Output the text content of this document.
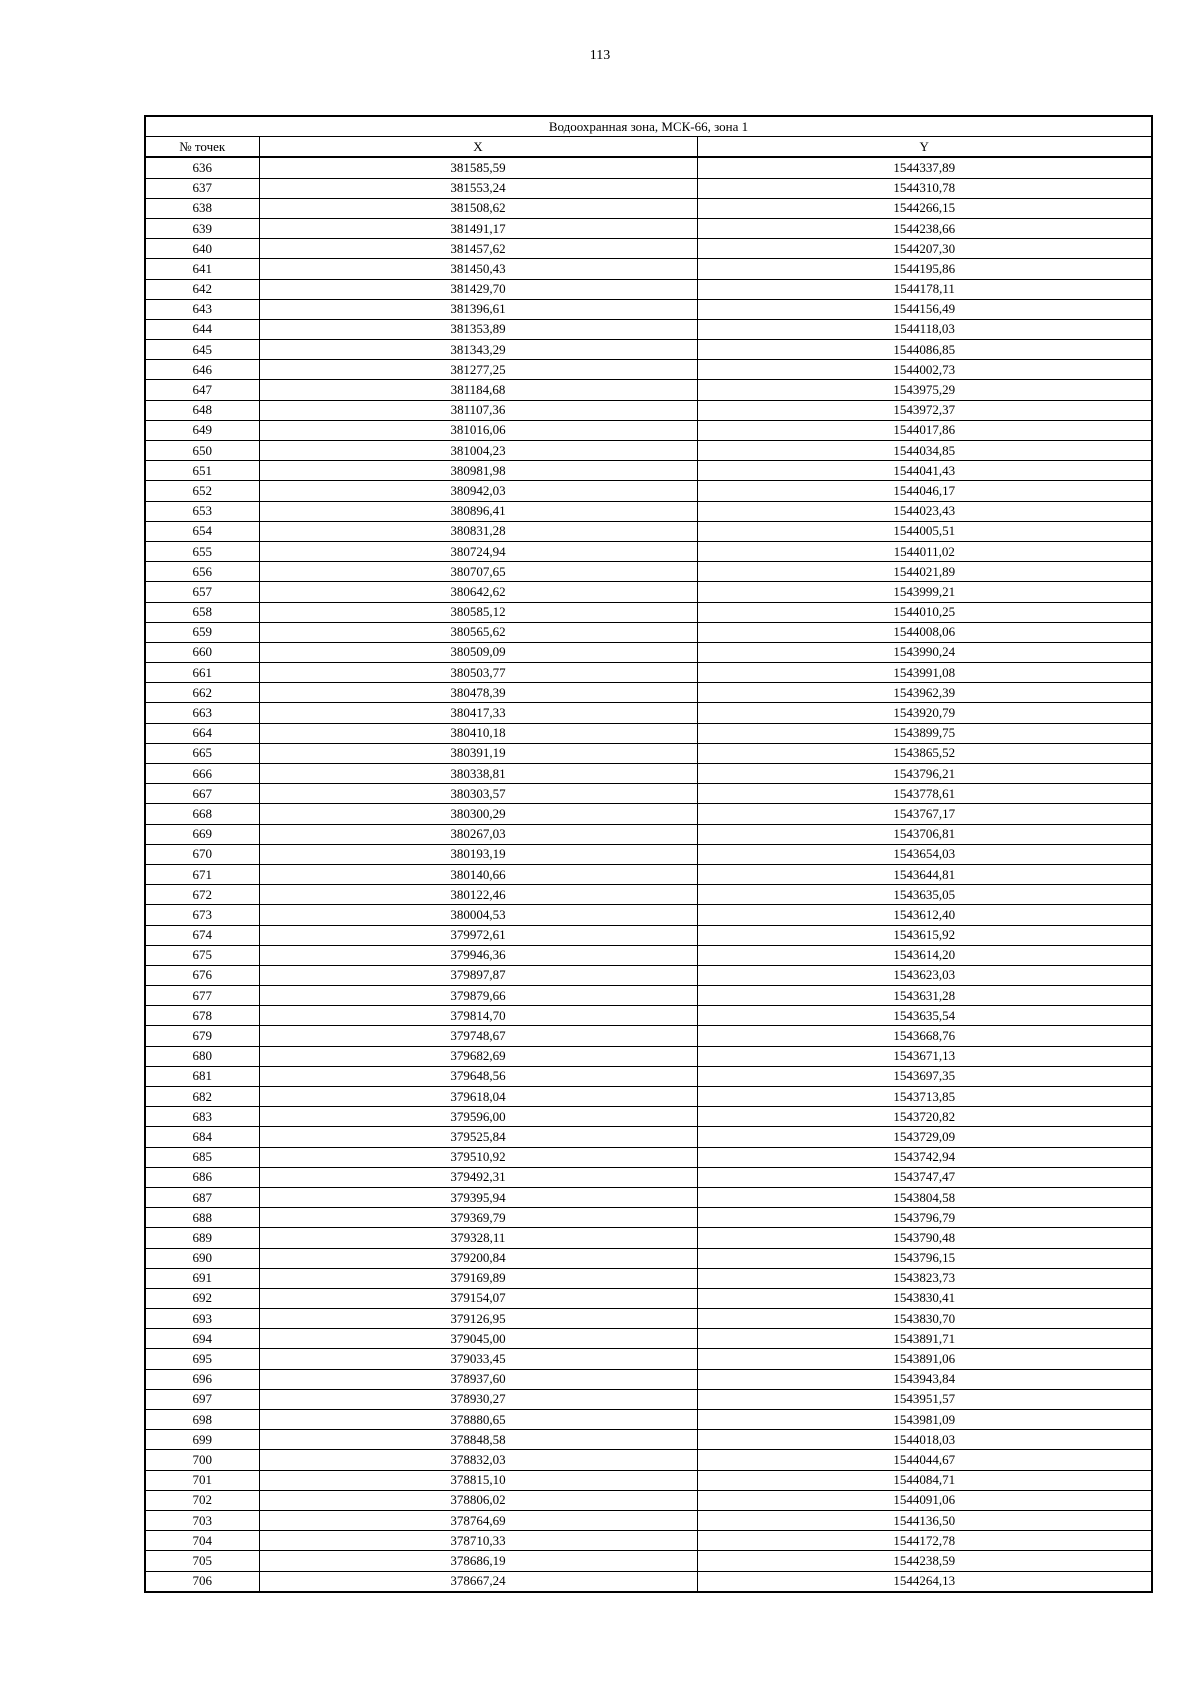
113
Водоохранная зона, МСК-66, зона 1		
№ точек	X	Y
636	381585,59	1544337,89
637	381553,24	1544310,78
638	381508,62	1544266,15
639	381491,17	1544238,66
640	381457,62	1544207,30
641	381450,43	1544195,86
642	381429,70	1544178,11
643	381396,61	1544156,49
644	381353,89	1544118,03
645	381343,29	1544086,85
646	381277,25	1544002,73
647	381184,68	1543975,29
648	381107,36	1543972,37
649	381016,06	1544017,86
650	381004,23	1544034,85
651	380981,98	1544041,43
652	380942,03	1544046,17
653	380896,41	1544023,43
654	380831,28	1544005,51
655	380724,94	1544011,02
656	380707,65	1544021,89
657	380642,62	1543999,21
658	380585,12	1544010,25
659	380565,62	1544008,06
660	380509,09	1543990,24
661	380503,77	1543991,08
662	380478,39	1543962,39
663	380417,33	1543920,79
664	380410,18	1543899,75
665	380391,19	1543865,52
666	380338,81	1543796,21
667	380303,57	1543778,61
668	380300,29	1543767,17
669	380267,03	1543706,81
670	380193,19	1543654,03
671	380140,66	1543644,81
672	380122,46	1543635,05
673	380004,53	1543612,40
674	379972,61	1543615,92
675	379946,36	1543614,20
676	379897,87	1543623,03
677	379879,66	1543631,28
678	379814,70	1543635,54
679	379748,67	1543668,76
680	379682,69	1543671,13
681	379648,56	1543697,35
682	379618,04	1543713,85
683	379596,00	1543720,82
684	379525,84	1543729,09
685	379510,92	1543742,94
686	379492,31	1543747,47
687	379395,94	1543804,58
688	379369,79	1543796,79
689	379328,11	1543790,48
690	379200,84	1543796,15
691	379169,89	1543823,73
692	379154,07	1543830,41
693	379126,95	1543830,70
694	379045,00	1543891,71
695	379033,45	1543891,06
696	378937,60	1543943,84
697	378930,27	1543951,57
698	378880,65	1543981,09
699	378848,58	1544018,03
700	378832,03	1544044,67
701	378815,10	1544084,71
702	378806,02	1544091,06
703	378764,69	1544136,50
704	378710,33	1544172,78
705	378686,19	1544238,59
706	378667,24	1544264,13
